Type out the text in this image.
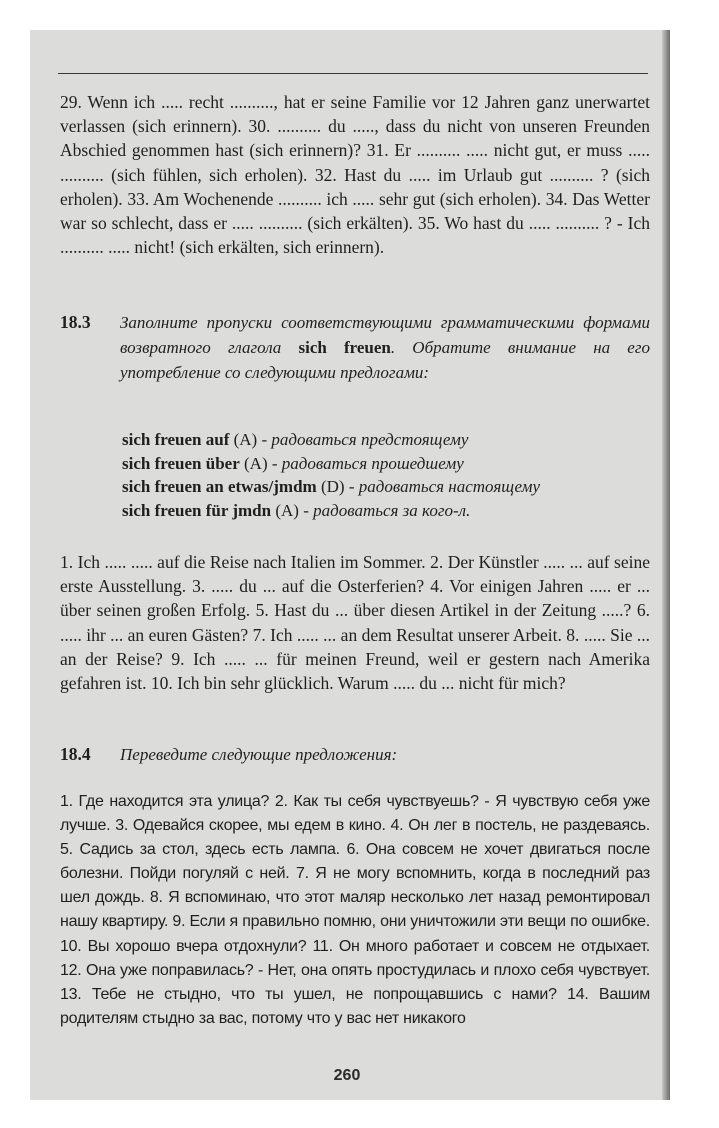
29. Wenn ich ..... recht .........., hat er seine Familie vor 12 Jahren ganz unerwartet verlassen (sich erinnern). 30. .......... du ....., dass du nicht von unseren Freunden Abschied genommen hast (sich erinnern)? 31. Er .......... ..... nicht gut, er muss ..... .......... (sich fühlen, sich erholen). 32. Hast du ..... im Urlaub gut .......... ? (sich erholen). 33. Am Wochenende .......... ich ..... sehr gut (sich erholen). 34. Das Wetter war so schlecht, dass er ..... .......... (sich erkälten). 35. Wo hast du ..... .......... ? - Ich .......... ..... nicht! (sich erkälten, sich erinnern).

18.3 Заполните пропуски соответствующими грамматическими формами возвратного глагола sich freuen. Обратите внимание на его употребление со следующими предлогами:
sich freuen auf (A) - радоваться предстоящему
sich freuen über (A) - радоваться прошедшему
sich freuen an etwas/jmdm (D) - радоваться настоящему
sich freuen für jmdn (A) - радоваться за кого-л.

1. Ich ..... ..... auf die Reise nach Italien im Sommer. 2. Der Künstler ..... ... auf seine erste Ausstellung. 3. ..... du ... auf die Osterferien? 4. Vor einigen Jahren ..... er ... über seinen großen Erfolg. 5. Hast du ... über diesen Artikel in der Zeitung .....? 6. ..... ihr ... an euren Gästen? 7. Ich ..... ... an dem Resultat unserer Arbeit. 8. ..... Sie ... an der Reise? 9. Ich ..... ... für meinen Freund, weil er gestern nach Amerika gefahren ist. 10. Ich bin sehr glücklich. Warum ..... du ... nicht für mich?

18.4 Переведите следующие предложения:

1. Где находится эта улица? 2. Как ты себя чувствуешь? - Я чувствую себя уже лучше. 3. Одевайся скорее, мы едем в кино. 4. Он лег в постель, не раздеваясь. 5. Садись за стол, здесь есть лампа. 6. Она совсем не хочет двигаться после болезни. Пойди погуляй с ней. 7. Я не могу вспомнить, когда в последний раз шел дождь. 8. Я вспоминаю, что этот маляр несколько лет назад ремонтировал нашу квартиру. 9. Если я правильно помню, они уничтожили эти вещи по ошибке. 10. Вы хорошо вчера отдохнули? 11. Он много работает и совсем не отдыхает. 12. Она уже поправилась? - Нет, она опять простудилась и плохо себя чувствует. 13. Тебе не стыдно, что ты ушел, не попрощавшись с нами? 14. Вашим родителям стыдно за вас, потому что у вас нет никакого

260
